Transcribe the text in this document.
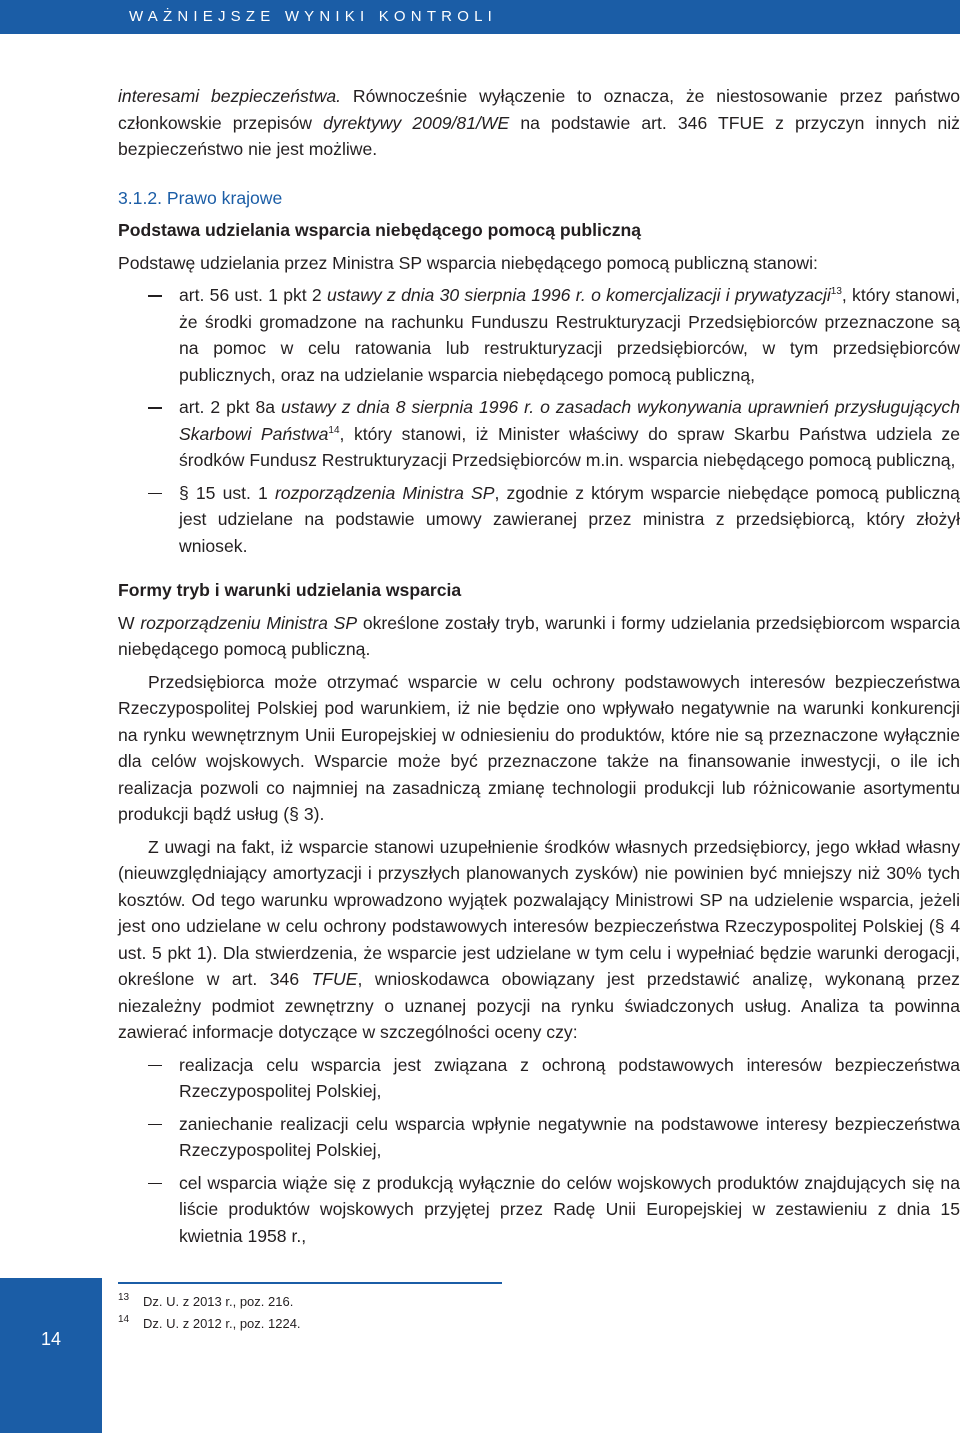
WAŻNIEJSZE WYNIKI KONTROLI

interesami bezpieczeństwa. Równocześnie wyłączenie to oznacza, że niestosowanie przez państwo członkowskie przepisów dyrektywy 2009/81/WE na podstawie art. 346 TFUE z przyczyn innych niż bezpieczeństwo nie jest możliwe.

3.1.2. Prawo krajowe

Podstawa udzielania wsparcia niebędącego pomocą publiczną

Podstawę udzielania przez Ministra SP wsparcia niebędącego pomocą publiczną stanowi:

art. 56 ust. 1 pkt 2 ustawy z dnia 30 sierpnia 1996 r. o komercjalizacji i prywatyzacji$^{13}$, który stanowi, że środki gromadzone na rachunku Funduszu Restrukturyzacji Przedsiębiorców przeznaczone są na pomoc w celu ratowania lub restrukturyzacji przedsiębiorców, w tym przedsiębiorców publicznych, oraz na udzielanie wsparcia niebędącego pomocą publiczną,
art. 2 pkt 8a ustawy z dnia 8 sierpnia 1996 r. o zasadach wykonywania uprawnień przysługujących Skarbowi Państwa$^{14}$, który stanowi, iż Minister właściwy do spraw Skarbu Państwa udziela ze środków Fundusz Restrukturyzacji Przedsiębiorców m.in. wsparcia niebędącego pomocą publiczną,
§ 15 ust. 1 rozporządzenia Ministra SP, zgodnie z którym wsparcie niebędące pomocą publiczną jest udzielane na podstawie umowy zawieranej przez ministra z przedsiębiorcą, który złożył wniosek.

Formy tryb i warunki udzielania wsparcia

W rozporządzeniu Ministra SP określone zostały tryb, warunki i formy udzielania przedsiębiorcom wsparcia niebędącego pomocą publiczną.

Przedsiębiorca może otrzymać wsparcie w celu ochrony podstawowych interesów bezpieczeństwa Rzeczypospolitej Polskiej pod warunkiem, iż nie będzie ono wpływało negatywnie na warunki konkurencji na rynku wewnętrznym Unii Europejskiej w odniesieniu do produktów, które nie są przeznaczone wyłącznie dla celów wojskowych. Wsparcie może być przeznaczone także na finansowanie inwestycji, o ile ich realizacja pozwoli co najmniej na zasadniczą zmianę technologii produkcji lub różnicowanie asortymentu produkcji bądź usług (§ 3).

Z uwagi na fakt, iż wsparcie stanowi uzupełnienie środków własnych przedsiębiorcy, jego wkład własny (nieuwzględniający amortyzacji i przyszłych planowanych zysków) nie powinien być mniejszy niż 30% tych kosztów. Od tego warunku wprowadzono wyjątek pozwalający Ministrowi SP na udzielenie wsparcia, jeżeli jest ono udzielane w celu ochrony podstawowych interesów bezpieczeństwa Rzeczypospolitej Polskiej (§ 4 ust. 5 pkt 1). Dla stwierdzenia, że wsparcie jest udzielane w tym celu i wypełniać będzie warunki derogacji, określone w art. 346 TFUE, wnioskodawca obowiązany jest przedstawić analizę, wykonaną przez niezależny podmiot zewnętrzny o uznanej pozycji na rynku świadczonych usług. Analiza ta powinna zawierać informacje dotyczące w szczególności oceny czy:

realizacja celu wsparcia jest związana z ochroną podstawowych interesów bezpieczeństwa Rzeczypospolitej Polskiej,
zaniechanie realizacji celu wsparcia wpłynie negatywnie na podstawowe interesy bezpieczeństwa Rzeczypospolitej Polskiej,
cel wsparcia wiąże się z produkcją wyłącznie do celów wojskowych produktów znajdujących się na liście produktów wojskowych przyjętej przez Radę Unii Europejskiej w zestawieniu z dnia 15 kwietnia 1958 r.,
13	Dz. U. z 2013 r., poz. 216.
14	Dz. U. z 2012 r., poz. 1224.
14
